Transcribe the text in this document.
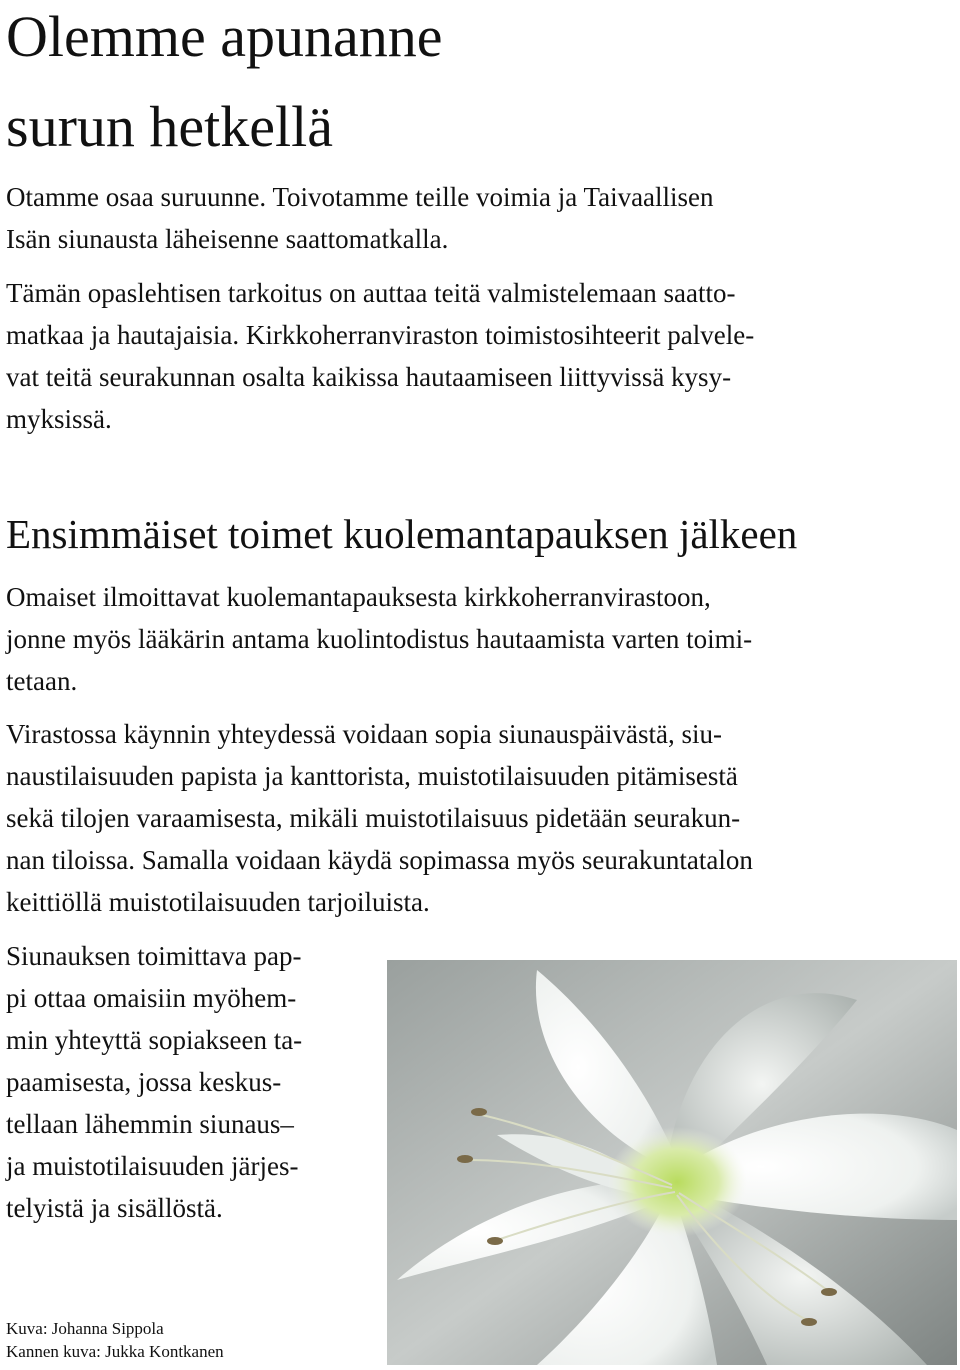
Olemme apunanne
surun hetkellä

Otamme osaa suruunne. Toivotamme teille voimia ja Taivaallisen
Isän siunausta läheisenne saattomatkalla.

Tämän opaslehtisen tarkoitus on auttaa teitä valmistelemaan saatto-
matkaa ja hautajaisia. Kirkkoherranviraston toimistosihteerit palvele-
vat teitä seurakunnan osalta kaikissa hautaamiseen liittyvissä kysy-
myksissä.

Ensimmäiset toimet kuolemantapauksen jälkeen

Omaiset ilmoittavat kuolemantapauksesta kirkkoherranvirastoon,
jonne myös lääkärin antama kuolintodistus hautaamista varten toimi-
tetaan.

Virastossa käynnin yhteydessä voidaan sopia siunauspäivästä, siu-
naustilaisuuden papista ja kanttorista, muistotilaisuuden pitämisestä
sekä tilojen varaamisesta, mikäli muistotilaisuus pidetään seurakun-
nan tiloissa. Samalla voidaan käydä sopimassa myös seurakuntatalon
keittiöllä muistotilaisuuden tarjoiluista.

Siunauksen toimittava pap-
pi ottaa omaisiin myöhem-
min yhteyttä sopiakseen ta-
paamisesta, jossa keskus-
tellaan lähemmin siunaus–
ja muistotilaisuuden järjes-
telyistä ja sisällöstä.

Kuva: Johanna Sippola
Kannen kuva: Jukka Kontkanen
